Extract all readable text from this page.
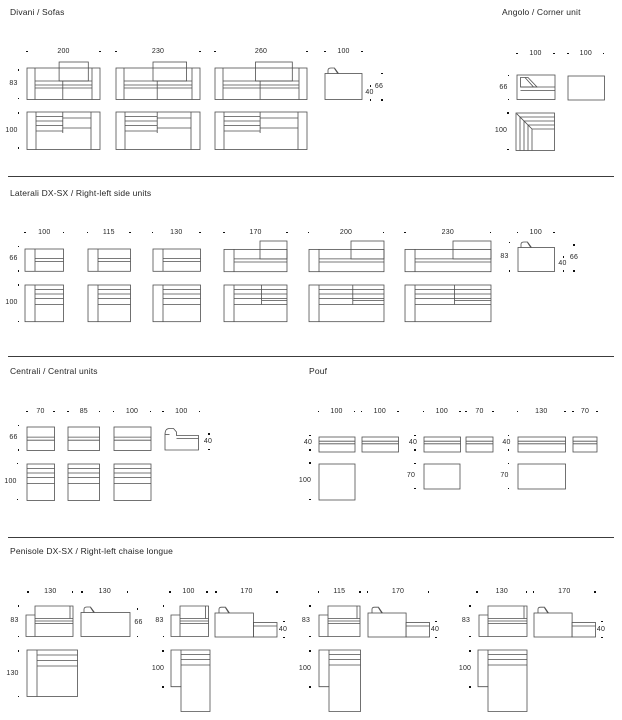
Divani / Sofas	Angolo / Corner unit
Laterali DX-SX / Right-left side units
Centrali / Central units	Pouf
Penisole DX-SX / Right-left chaise longue
200	230	260	100
83
100
66
40
100	100
66
100
100	115	130	170	200	230	100
66
100
83	66
40
70	85	100	100
66
100
40
100	100
40
100
100	70
40
70
130	70
40
70
130	130
83	66
130
100	170
83
40
100
115	170
83
40
100
130	170
83
40
100
